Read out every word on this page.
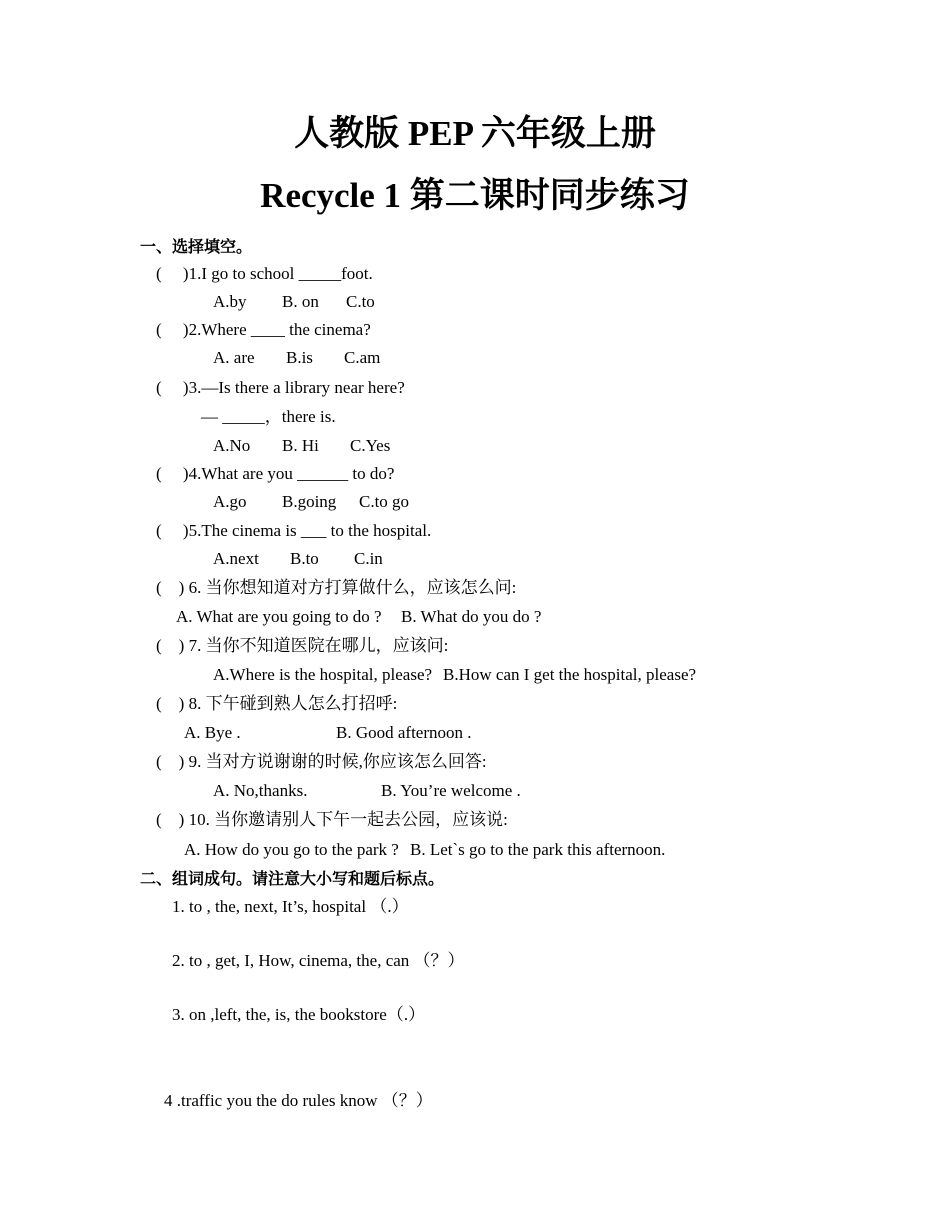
人教版 PEP 六年级上册
Recycle 1 第二课时同步练习
一、选择填空。
(     )1.I go to school _____foot.
A.by B. on C.to
(     )2.Where ____ the cinema?
A. are B.is C.am
(     )3.—Is there a library near here?
— _____，there is.
A.No B. Hi C.Yes
(     )4.What are you ______ to do?
A.go B.going C.to go
(     )5.The cinema is ___ to the hospital.
A.next B.to C.in
(    ) 6. 当你想知道对方打算做什么，应该怎么问:
A. What are you going to do ? B. What do you do ?
(    ) 7. 当你不知道医院在哪儿，应该问:
A.Where is the hospital, please? B.How can I get the hospital, please?
(    ) 8. 下午碰到熟人怎么打招呼:
A. Bye .	B. Good afternoon .
(    ) 9. 当对方说谢谢的时候,你应该怎么回答:
A. No,thanks.	B. You’re welcome .
(    ) 10. 当你邀请别人下午一起去公园，应该说:
A. How do you go to the park ? B. Let`s go to the park this afternoon.
二、组词成句。请注意大小写和题后标点。
1. to , the, next, It’s, hospital （.）
2. to , get, I, How, cinema, the, can （？）
3. on ,left, the, is, the bookstore（.）
4 .traffic you the do rules know （？）
